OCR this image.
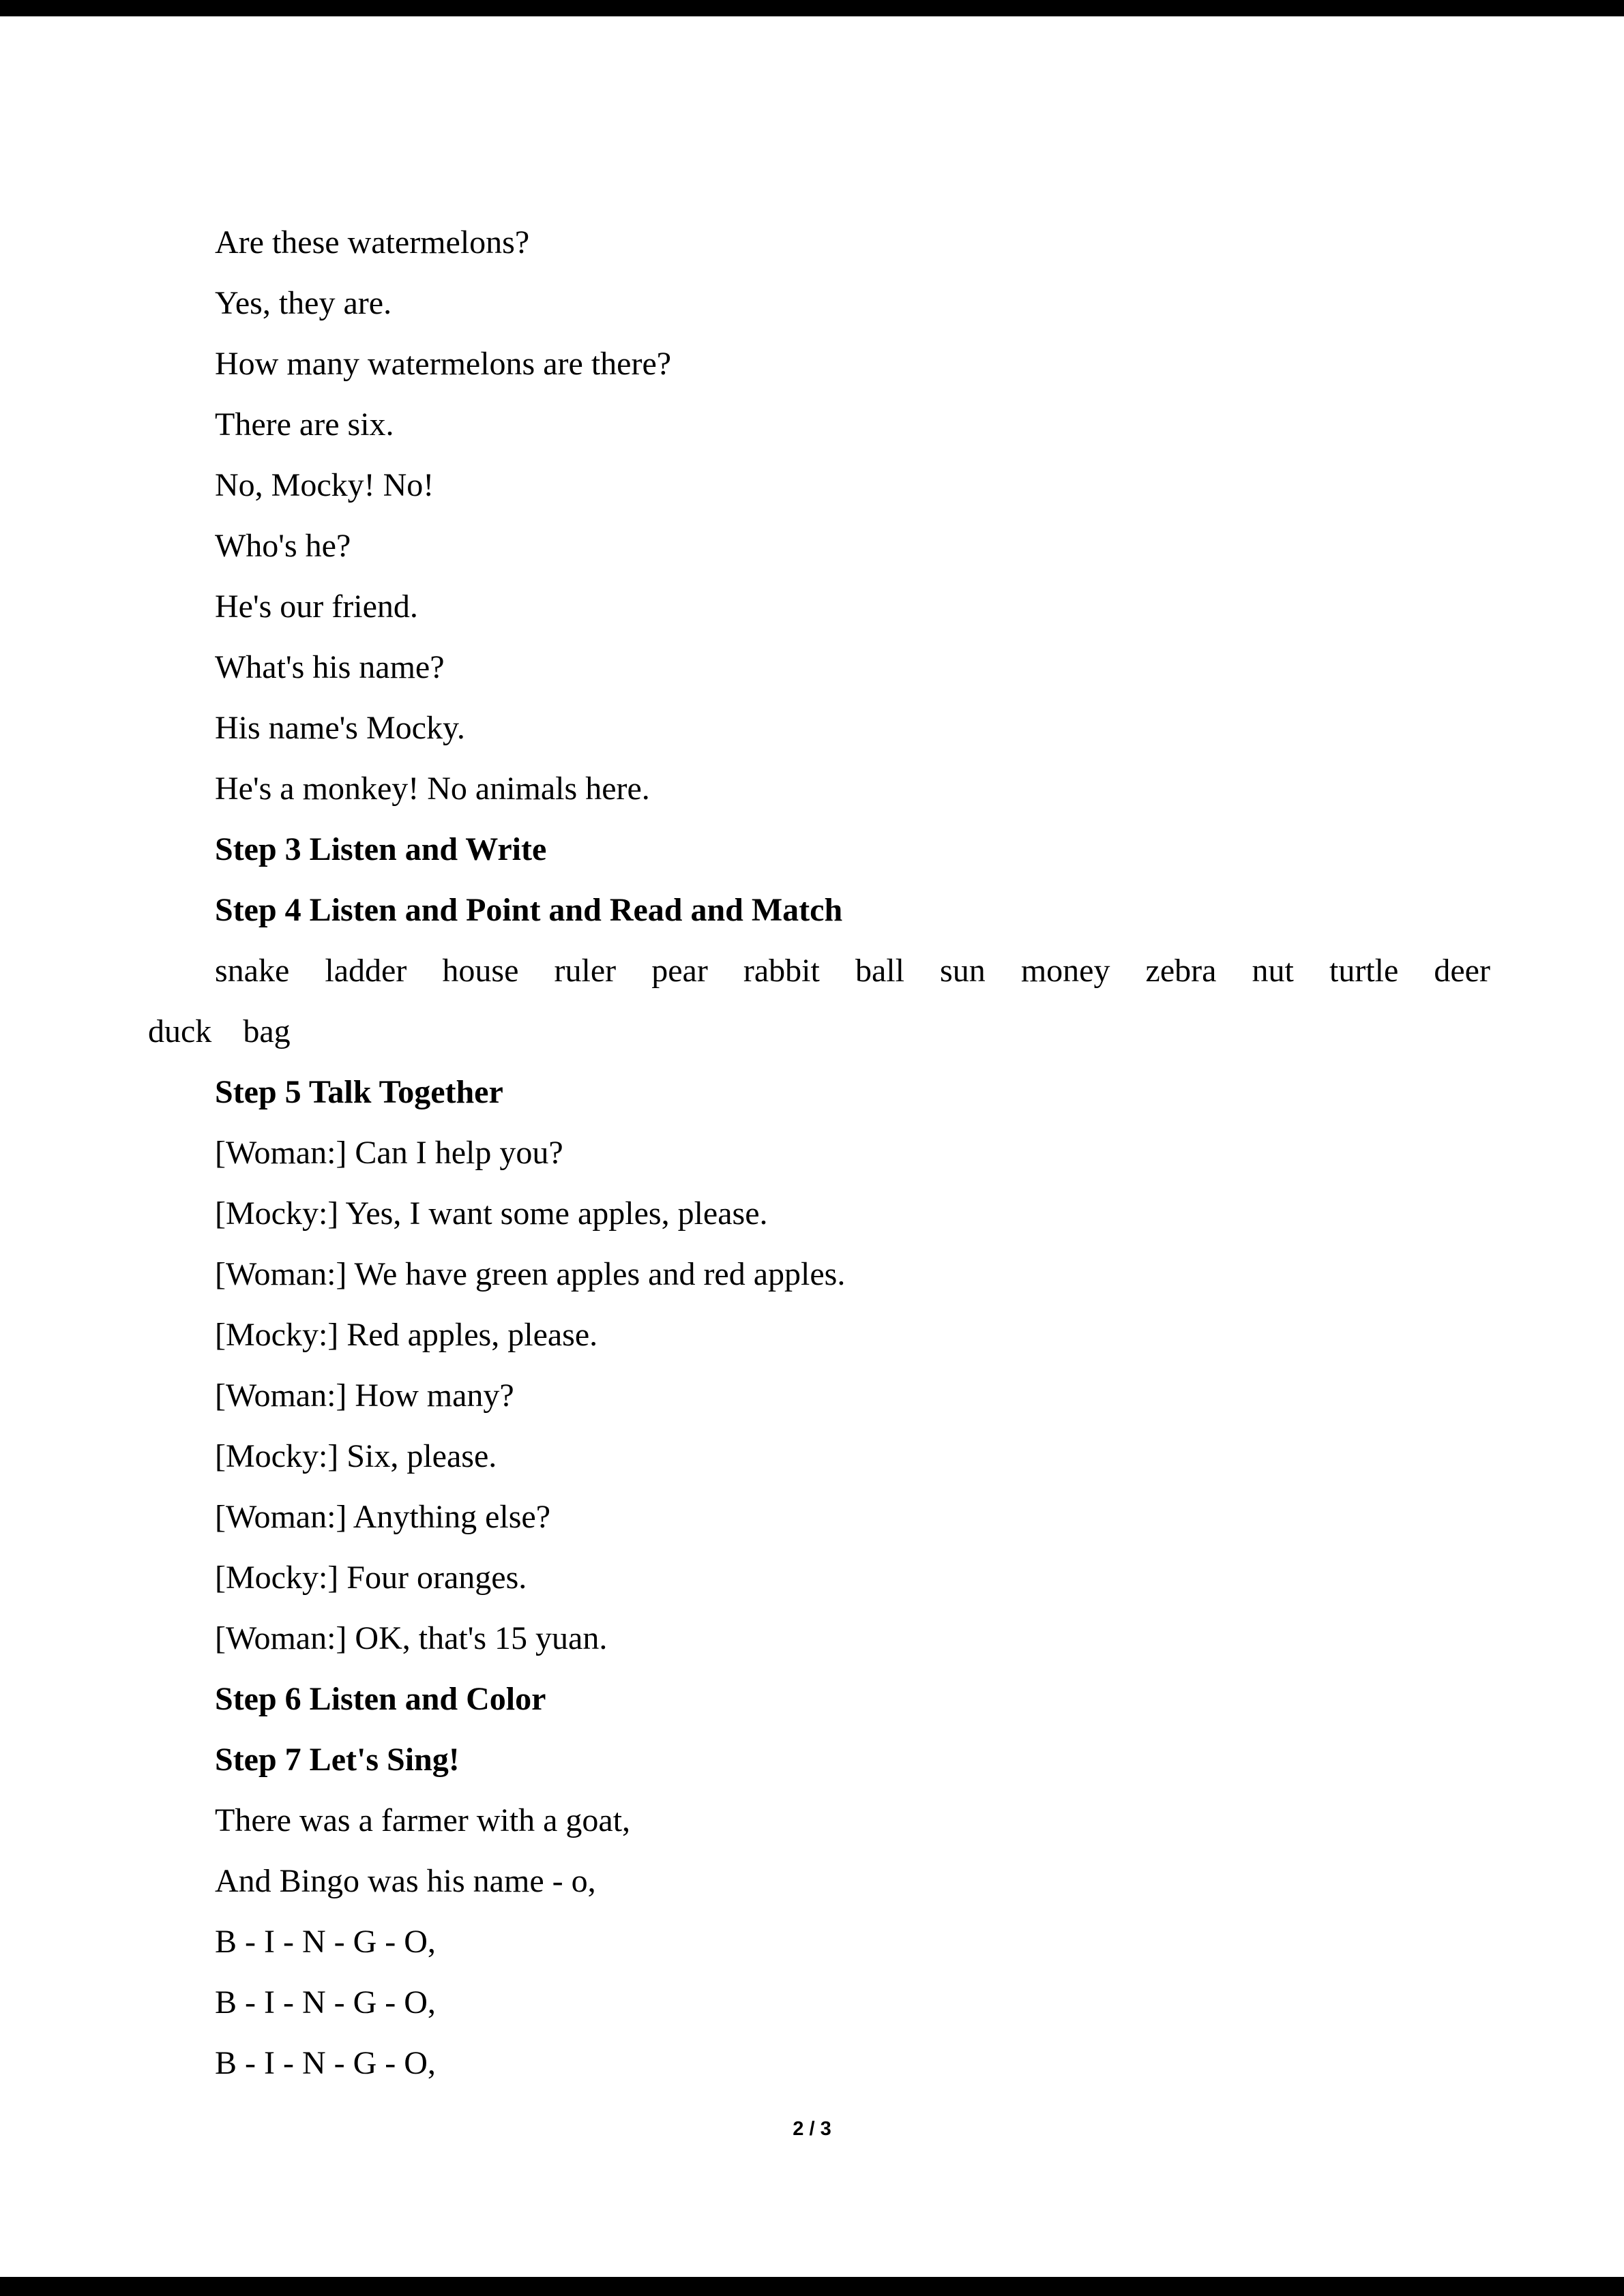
Are these watermelons?

Yes, they are.

How many watermelons are there?

There are six.

No, Mocky! No!

Who's he?

He's our friend.

What's his name?

His name's Mocky.

He's a monkey! No animals here.

Step 3 Listen and Write

Step 4 Listen and Point and Read and Match

snake ladder house ruler pear rabbit ball sun money zebra nut turtle deer
duck bag

Step 5 Talk Together

[Woman:] Can I help you?

[Mocky:] Yes, I want some apples, please.

[Woman:] We have green apples and red apples.

[Mocky:] Red apples, please.

[Woman:] How many?

[Mocky:] Six, please.

[Woman:] Anything else?

[Mocky:] Four oranges.

[Woman:] OK, that's 15 yuan.

Step 6 Listen and Color

Step 7 Let's Sing!

There was a farmer with a goat,

And Bingo was his name - o,

B - I - N - G - O,

B - I - N - G - O,

B - I - N - G - O,

2 / 3
